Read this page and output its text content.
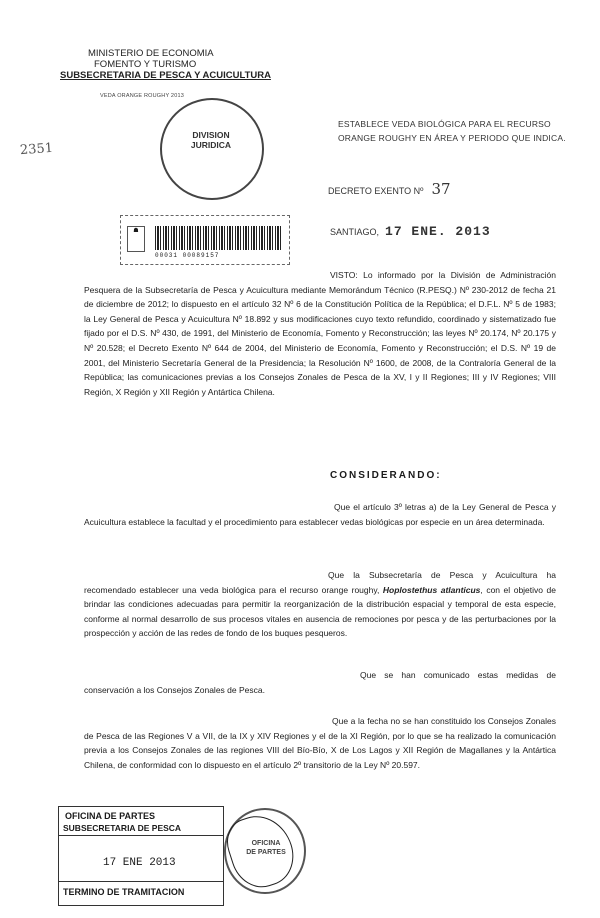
MINISTERIO DE ECONOMIA
FOMENTO Y TURISMO
SUBSECRETARIA DE PESCA Y ACUICULTURA
VEDA ORANGE ROUGHY 2013
2351
DIVISION
JURIDICA
ESTABLECE VEDA BIOLÓGICA PARA EL RECURSO
ORANGE ROUGHY EN ÁREA Y PERIODO QUE INDICA.
DECRETO EXENTO Nº 37
SANTIAGO, 17 ENE. 2013
☗
00031 00089157
VISTO: Lo informado por la División de Administración Pesquera de la Subsecretaría de Pesca y Acuicultura mediante Memorándum Técnico (R.PESQ.) Nº 230-2012 de fecha 21 de diciembre de 2012; lo dispuesto en el artículo 32 Nº 6 de la Constitución Política de la República; el D.F.L. Nº 5 de 1983; la Ley General de Pesca y Acuicultura Nº 18.892 y sus modificaciones cuyo texto refundido, coordinado y sistematizado fue fijado por el D.S. Nº 430, de 1991, del Ministerio de Economía, Fomento y Reconstrucción; las leyes Nº 20.174, Nº 20.175 y Nº 20.528; el Decreto Exento Nº 644 de 2004, del Ministerio de Economía, Fomento y Reconstrucción; el D.S. Nº 19 de 2001, del Ministerio Secretaría General de la Presidencia; la Resolución Nº 1600, de 2008, de la Contraloría General de la República; las comunicaciones previas a los Consejos Zonales de Pesca de la XV, I y II Regiones; III y IV Regiones; VIII Región, X Región y XII Región y Antártica Chilena.
CONSIDERANDO:
Que el artículo 3º letras a) de la Ley General de Pesca y Acuicultura establece la facultad y el procedimiento para establecer vedas biológicas por especie en un área determinada.
Que la Subsecretaría de Pesca y Acuicultura ha recomendado establecer una veda biológica para el recurso orange roughy, Hoplostethus atlanticus, con el objetivo de brindar las condiciones adecuadas para permitir la reorganización de la distribución espacial y temporal de esta especie, conforme al normal desarrollo de sus procesos vitales en ausencia de remociones por pesca y de las perturbaciones por la prospección y acción de las redes de fondo de los buques pesqueros.
Que se han comunicado estas medidas de conservación a los Consejos Zonales de Pesca.
Que a la fecha no se han constituido los Consejos Zonales de Pesca de las Regiones V a VII, de la IX y XIV Regiones y el de la XI Región, por lo que se ha realizado la comunicación previa a los Consejos Zonales de las regiones VIII del Bío-Bío, X de Los Lagos y XII Región de Magallanes y la Antártica Chilena, de conformidad con lo dispuesto en el artículo 2º transitorio de la Ley Nº 20.597.
OFICINA DE PARTES
SUBSECRETARIA DE PESCA
17 ENE 2013
TERMINO DE TRAMITACION
OFICINA
DE PARTES
